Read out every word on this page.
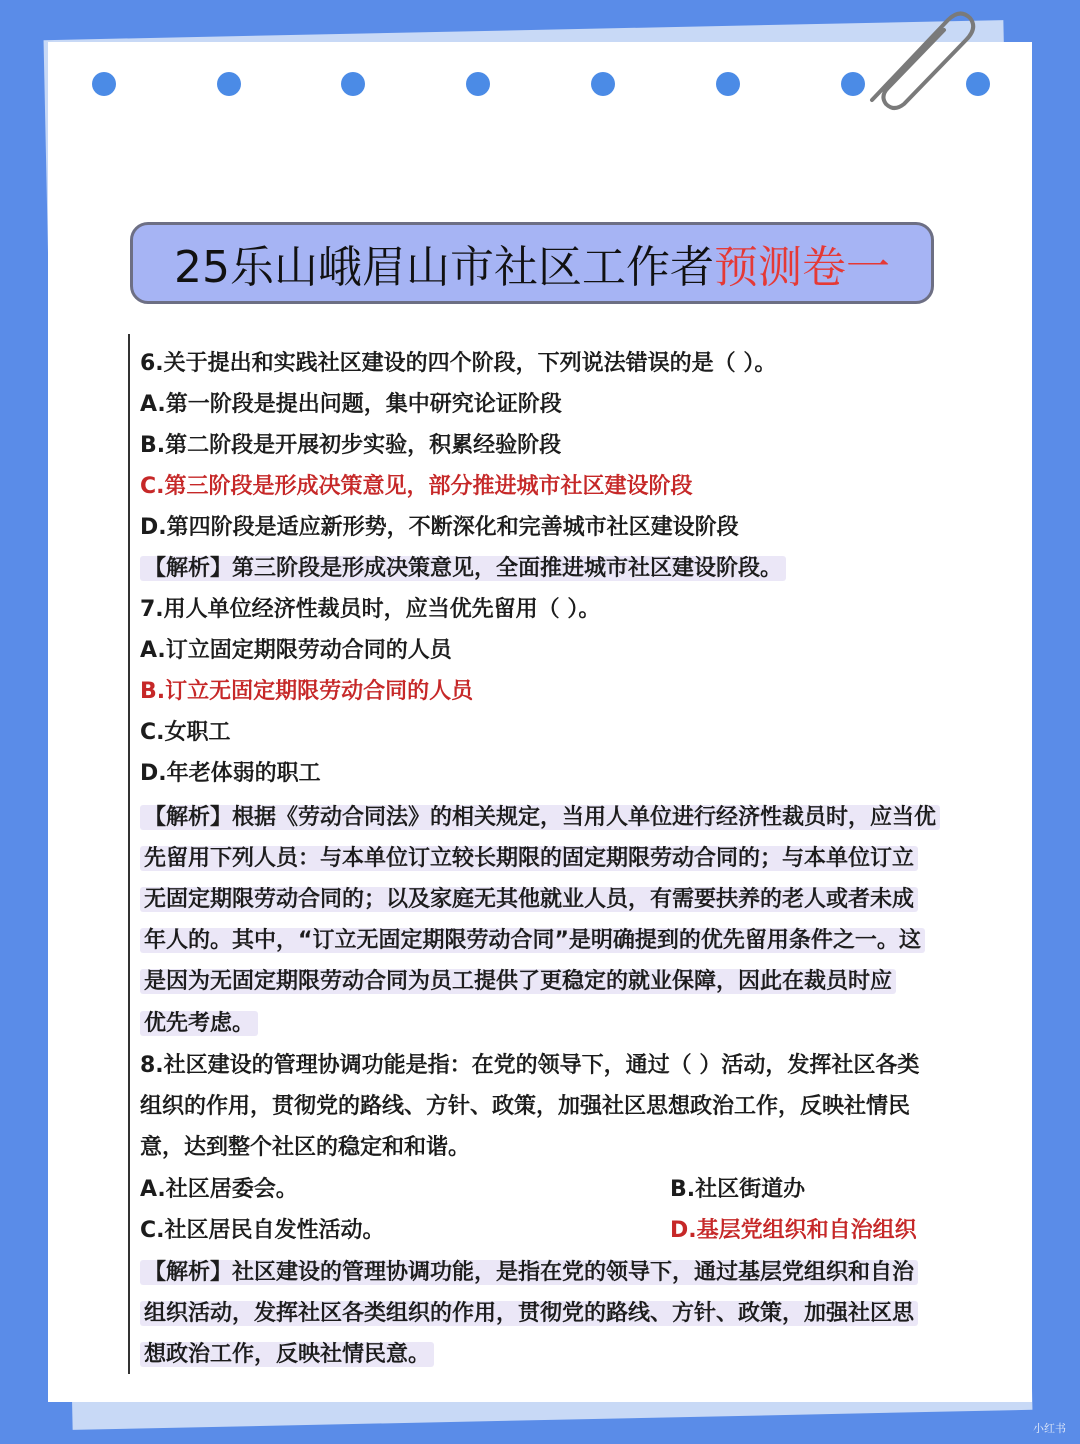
25乐山峨眉山市社区工作者 预测卷一
6.关于提出和实践社区建设的四个阶段，下列说法错误的是（ ）。
A.第一阶段是提出问题，集中研究论证阶段
B.第二阶段是开展初步实验，积累经验阶段
C.第三阶段是形成决策意见，部分推进城市社区建设阶段
D.第四阶段是适应新形势，不断深化和完善城市社区建设阶段
【解析】第三阶段是形成决策意见，全面推进城市社区建设阶段。
7.用人单位经济性裁员时，应当优先留用（ ）。
A.订立固定期限劳动合同的人员
B.订立无固定期限劳动合同的人员
C.女职工
D.年老体弱的职工
【解析】根据《劳动合同法》的相关规定，当用人单位进行经济性裁员时，应当优
先留用下列人员：与本单位订立较长期限的固定期限劳动合同的；与本单位订立
无固定期限劳动合同的；以及家庭无其他就业人员，有需要扶养的老人或者未成
年人的。其中，“订立无固定期限劳动合同”是明确提到的优先留用条件之一。这
是因为无固定期限劳动合同为员工提供了更稳定的就业保障，因此在裁员时应
优先考虑。
8.社区建设的管理协调功能是指：在党的领导下，通过（ ）活动，发挥社区各类
组织的作用，贯彻党的路线、方针、政策，加强社区思想政治工作，反映社情民
意，达到整个社区的稳定和和谐。
A.社区居委会。	B.社区街道办
C.社区居民自发性活动。	D.基层党组织和自治组织
【解析】社区建设的管理协调功能，是指在党的领导下，通过基层党组织和自治
组织活动，发挥社区各类组织的作用，贯彻党的路线、方针、政策，加强社区思
想政治工作，反映社情民意。
小红书
